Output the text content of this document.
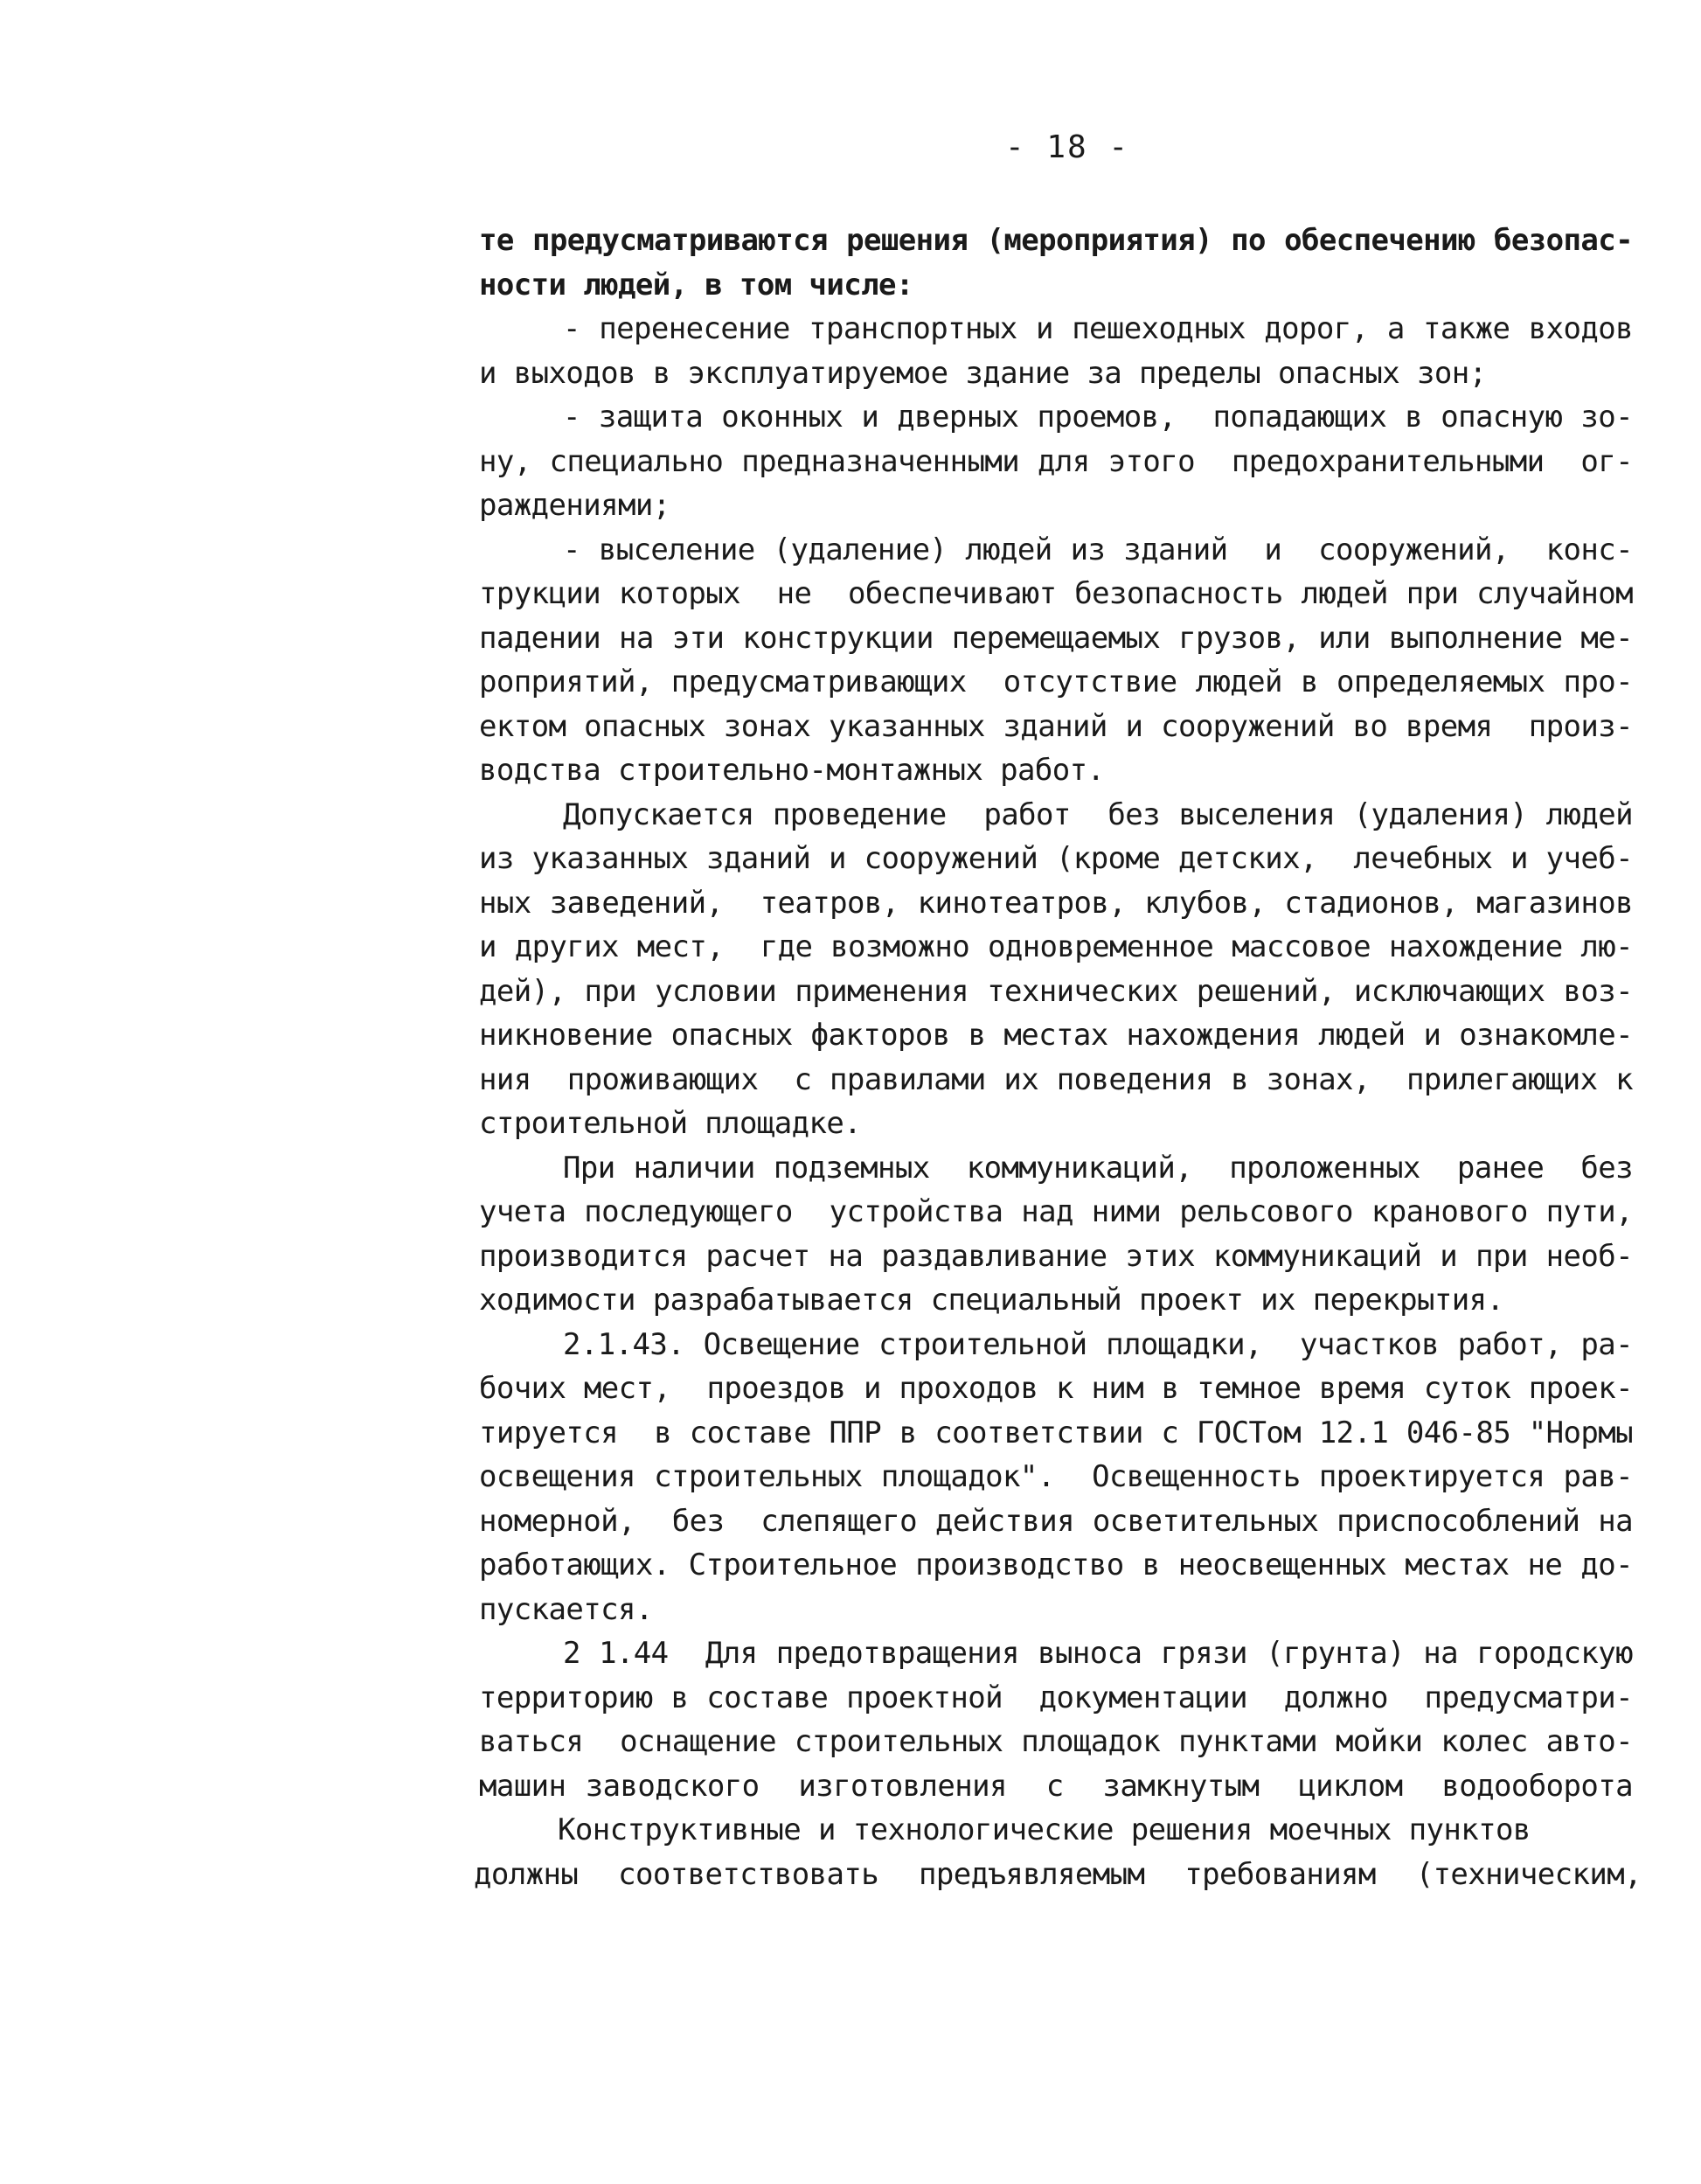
- 18 -
те предусматриваются решения (мероприятия) по обеспечению безопас-
ности людей, в том числе:
- перенесение транспортных и пешеходных дорог, а также входов
и выходов в эксплуатируемое здание за пределы опасных зон;
- защита оконных и дверных проемов,  попадающих в опасную зо-
ну, специально предназначенными для этого  предохранительными  ог-
раждениями;
- выселение (удаление) людей из зданий  и  сооружений,  конс-
трукции которых  не  обеспечивают безопасность людей при случайном
падении на эти конструкции перемещаемых грузов, или выполнение ме-
роприятий, предусматривающих  отсутствие людей в определяемых про-
ектом опасных зонах указанных зданий и сооружений во время  произ-
водства строительно-монтажных работ.
Допускается проведение  работ  без выселения (удаления) людей
из указанных зданий и сооружений (кроме детских,  лечебных и учеб-
ных заведений,  театров, кинотеатров, клубов, стадионов, магазинов
и других мест,  где возможно одновременное массовое нахождение лю-
дей), при условии применения технических решений, исключающих воз-
никновение опасных факторов в местах нахождения людей и ознакомле-
ния  проживающих  с правилами их поведения в зонах,  прилегающих к
строительной площадке.
При наличии подземных  коммуникаций,  проложенных  ранее  без
учета последующего  устройства над ними рельсового кранового пути,
производится расчет на раздавливание этих коммуникаций и при необ-
ходимости разрабатывается специальный проект их перекрытия.
2.1.43. Освещение строительной площадки,  участков работ, ра-
бочих мест,  проездов и проходов к ним в темное время суток проек-
тируется  в составе ППР в соответствии с ГОСТом 12.1 046-85 "Нормы
освещения строительных площадок".  Освещенность проектируется рав-
номерной,  без  слепящего действия осветительных приспособлений на
работающих. Строительное производство в неосвещенных местах не до-
пускается.
2 1.44  Для предотвращения выноса грязи (грунта) на городскую
территорию в составе проектной  документации  должно  предусматри-
ваться  оснащение строительных площадок пунктами мойки колес авто-
машин заводского  изготовления  с  замкнутым  циклом  водооборота
Конструктивные и технологические решения моечных пунктов
должны  соответствовать  предъявляемым  требованиям  (техническим,
